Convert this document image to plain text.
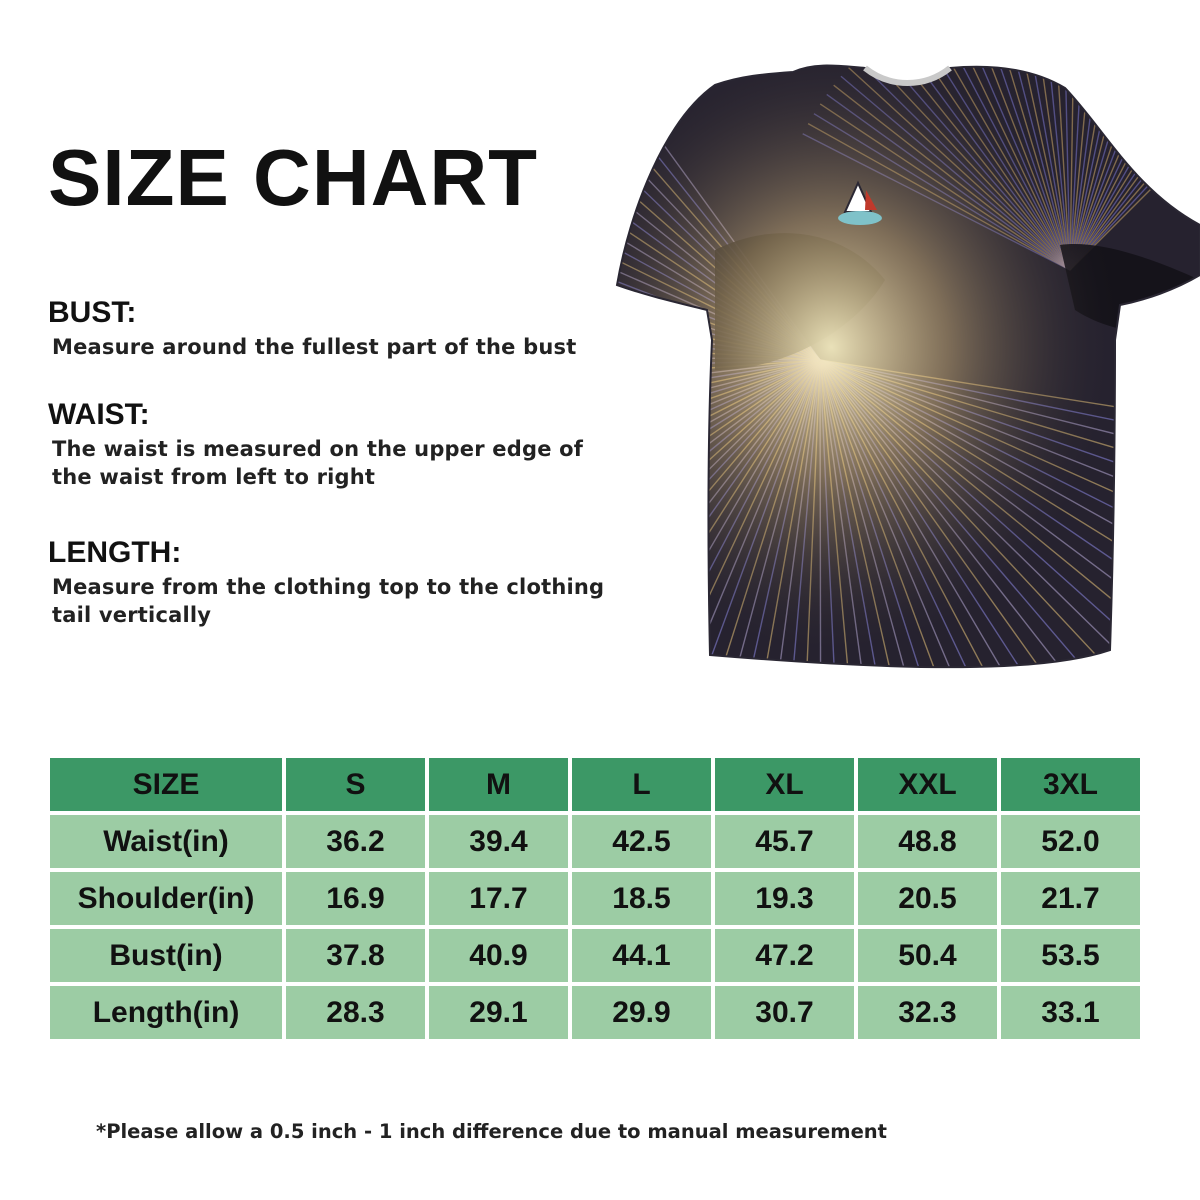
SIZE CHART
BUST:

Measure around the fullest part of the bust

WAIST:

The waist is measured on the upper edge of the waist from left to right

LENGTH:

Measure from the clothing top to the clothing tail vertically

SIZE	S	M	L	XL	XXL	3XL
Waist(in)	36.2	39.4	42.5	45.7	48.8	52.0
Shoulder(in)	16.9	17.7	18.5	19.3	20.5	21.7
Bust(in)	37.8	40.9	44.1	47.2	50.4	53.5
Length(in)	28.3	29.1	29.9	30.7	32.3	33.1

*Please allow a 0.5 inch - 1 inch difference due to manual measurement
